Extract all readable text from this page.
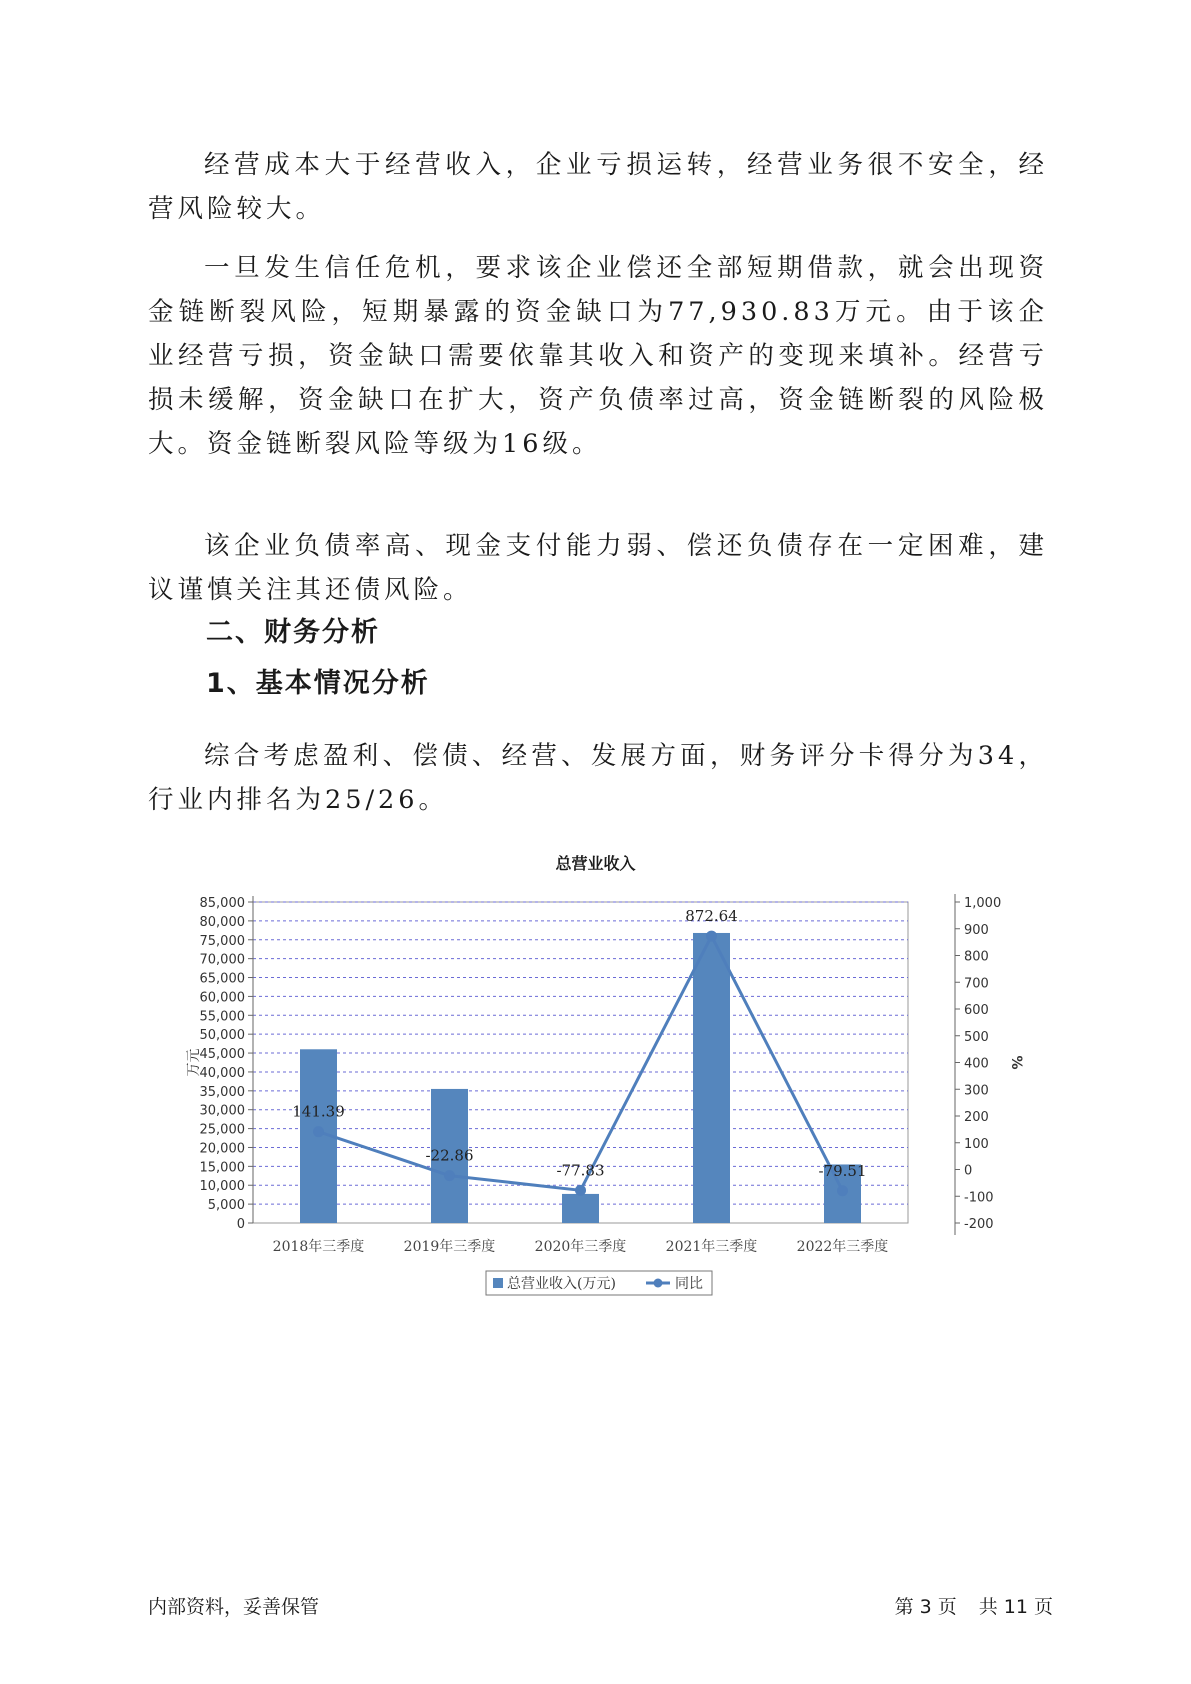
经营成本大于经营收入，企业亏损运转，经营业务很不安全，经营风险较大。

一旦发生信任危机，要求该企业偿还全部短期借款，就会出现资金链断裂风险，短期暴露的资金缺口为77,930.83万元。由于该企业经营亏损，资金缺口需要依靠其收入和资产的变现来填补。经营亏损未缓解，资金缺口在扩大，资产负债率过高，资金链断裂的风险极大。资金链断裂风险等级为16级。

该企业负债率高、现金支付能力弱、偿还负债存在一定困难，建议谨慎关注其还债风险。

二、财务分析
1、基本情况分析

综合考虑盈利、偿债、经营、发展方面，财务评分卡得分为34，行业内排名为25/26。

总营业收入
0
5,000
10,000
15,000
20,000
25,000
30,000
35,000
40,000
45,000
50,000
55,000
60,000
65,000
70,000
75,000
80,000
85,000
-200
-100
0
100
200
300
400
500
600
700
800
900
1,000
万元	%
2018年三季度	2019年三季度	2020年三季度	2021年三季度	2022年三季度
141.39
-22.86
-77.83
872.64
-79.51
总营业收入(万元)	同比
内部资料，妥善保管	第 3 页 共 11 页
